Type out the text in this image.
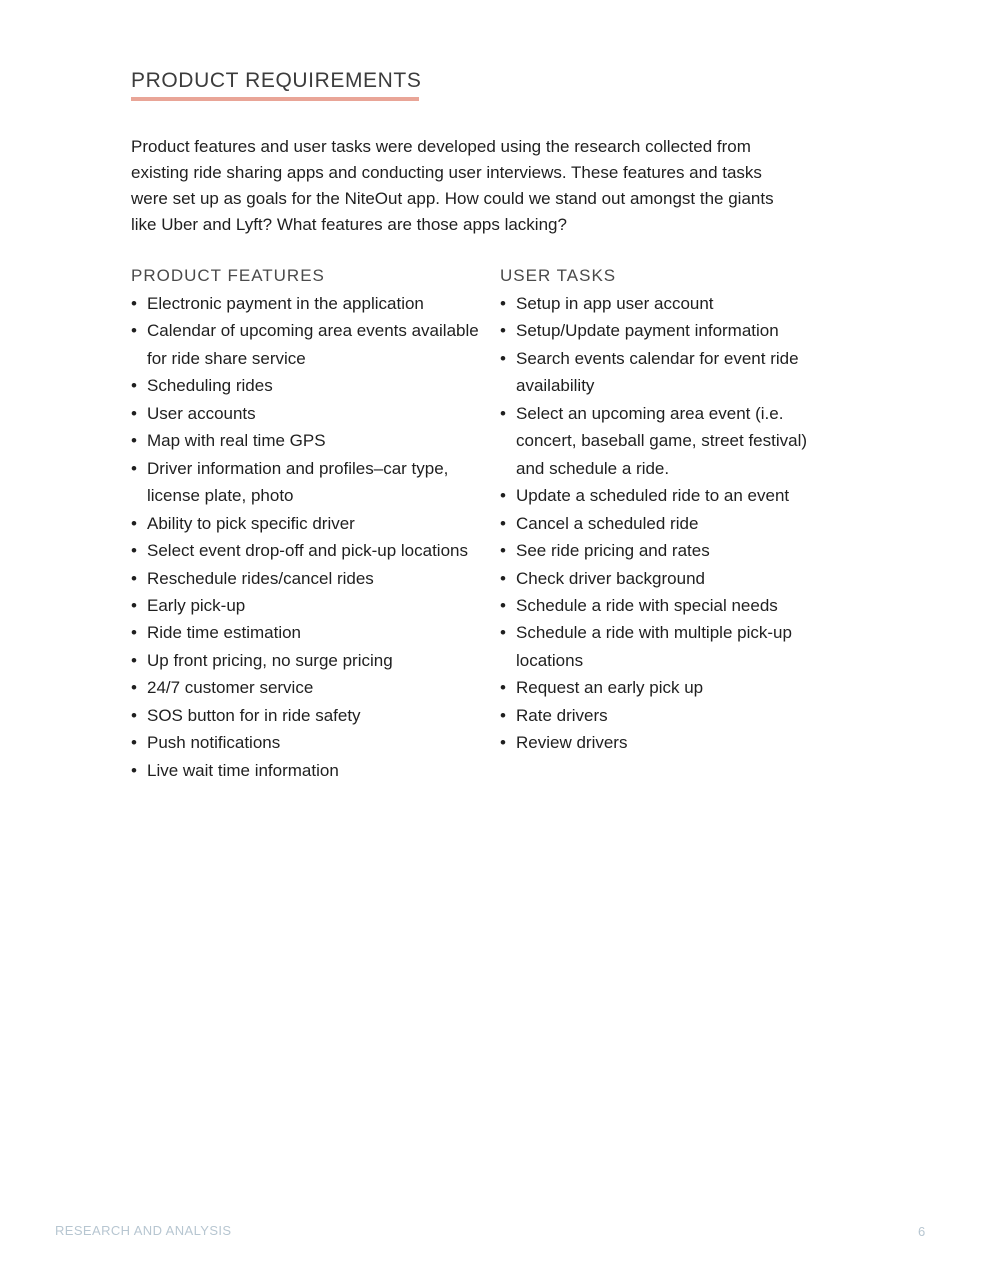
PRODUCT REQUIREMENTS

Product features and user tasks were developed using the research collected from existing ride sharing apps and conducting user interviews. These features and tasks were set up as goals for the NiteOut app. How could we stand out amongst the giants like Uber and Lyft? What features are those apps lacking?

PRODUCT FEATURES
• Electronic payment in the application
• Calendar of upcoming area events available for ride share service
• Scheduling rides
• User accounts
• Map with real time GPS
• Driver information and profiles–car type, license plate, photo
• Ability to pick specific driver
• Select event drop-off and pick-up locations
• Reschedule rides/cancel rides
• Early pick-up
• Ride time estimation
• Up front pricing, no surge pricing
• 24/7 customer service
• SOS button for in ride safety
• Push notifications
• Live wait time information
USER TASKS
• Setup in app user account
• Setup/Update payment information
• Search events calendar for event ride availability
• Select an upcoming area event (i.e. concert, baseball game, street festival) and schedule a ride.
• Update a scheduled ride to an event
• Cancel a scheduled ride
• See ride pricing and rates
• Check driver background
• Schedule a ride with special needs
• Schedule a ride with multiple pick-up locations
• Request an early pick up
• Rate drivers
• Review drivers
RESEARCH AND ANALYSIS	6
